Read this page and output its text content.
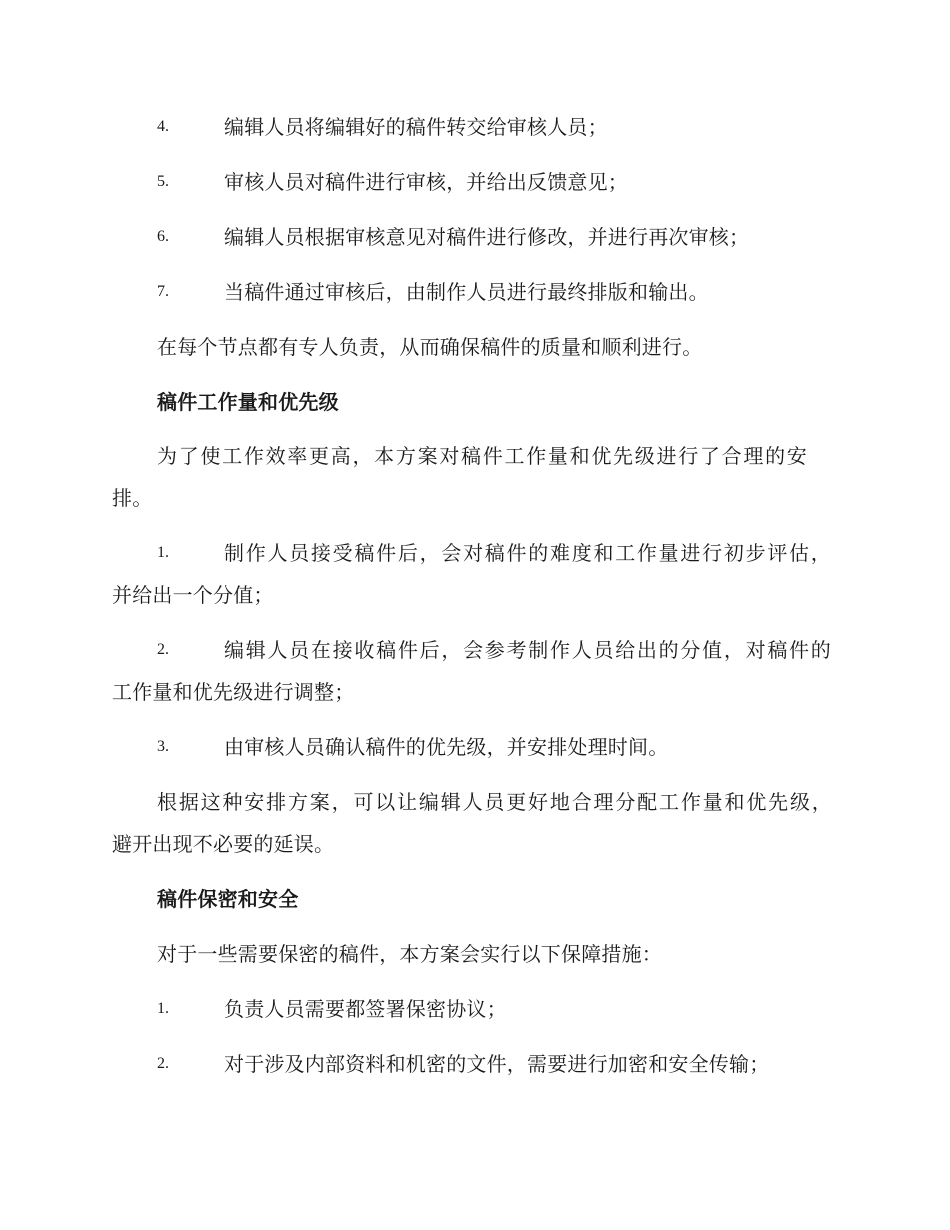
4.	编辑人员将编辑好的稿件转交给审核人员；
5.	审核人员对稿件进行审核，并给出反馈意见；
6.	编辑人员根据审核意见对稿件进行修改，并进行再次审核；
7.	当稿件通过审核后，由制作人员进行最终排版和输出。
在每个节点都有专人负责，从而确保稿件的质量和顺利进行。
稿件工作量和优先级
为了使工作效率更高，本方案对稿件工作量和优先级进行了合理的安
排。
1.	制作人员接受稿件后，会对稿件的难度和工作量进行初步评估，
并给出一个分值；
2.	编辑人员在接收稿件后，会参考制作人员给出的分值，对稿件的
工作量和优先级进行调整；
3.	由审核人员确认稿件的优先级，并安排处理时间。
根据这种安排方案，可以让编辑人员更好地合理分配工作量和优先级，
避开出现不必要的延误。
稿件保密和安全
对于一些需要保密的稿件，本方案会实行以下保障措施：
1.	负责人员需要都签署保密协议；
2.	对于涉及内部资料和机密的文件，需要进行加密和安全传输；
